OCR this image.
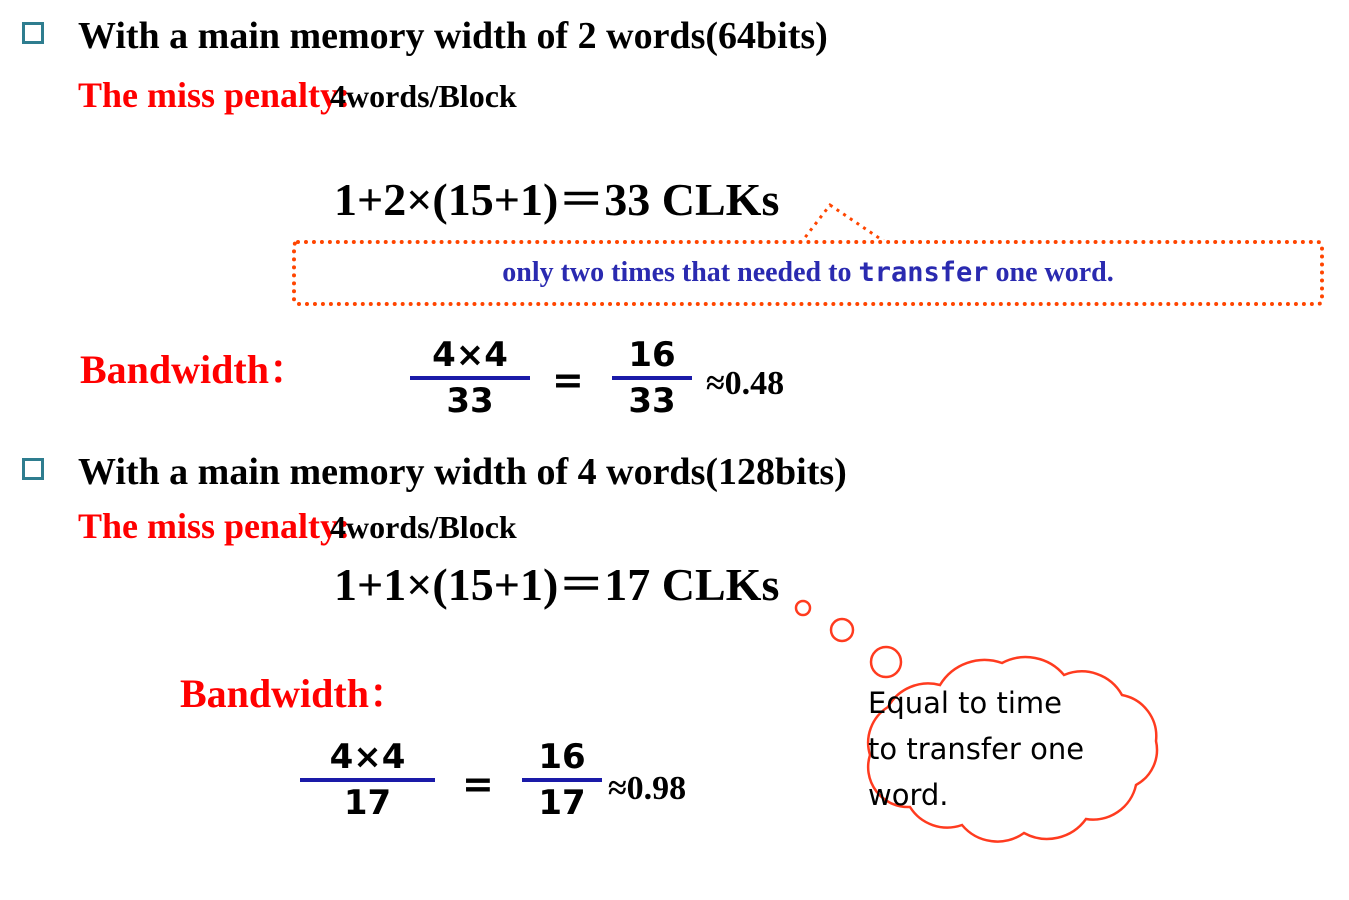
With a main memory width of 2 words(64bits)
The miss penalty:
4words/Block
1+2×(15+1)＝33 CLKs
only two times that needed to transfer one word.
Bandwidth：	4×4
33	=
16
33 ≈0.48
With a main memory width of 4 words(128bits)
The miss penalty:
4words/Block
1+1×(15+1)＝17 CLKs
Bandwidth：
4×4
17	=
16
17 ≈0.98
Equal to time
to transfer one
word.
